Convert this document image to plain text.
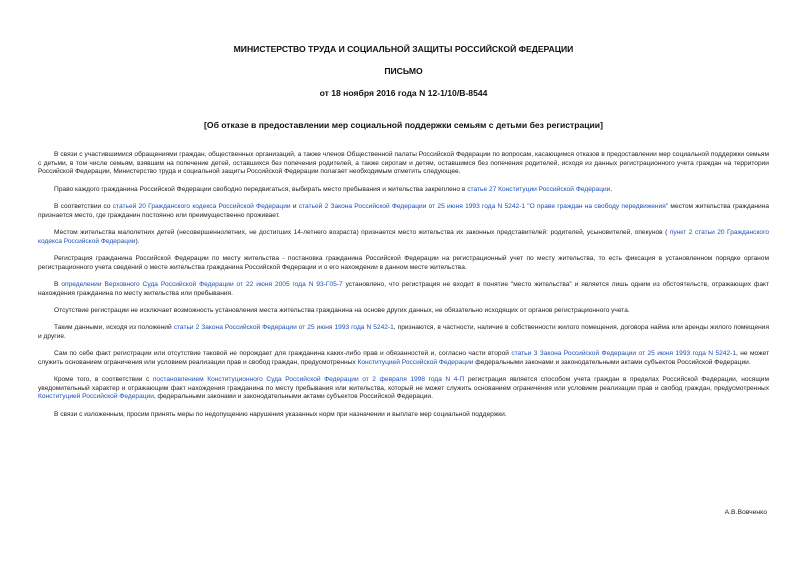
МИНИСТЕРСТВО ТРУДА И СОЦИАЛЬНОЙ ЗАЩИТЫ РОССИЙСКОЙ ФЕДЕРАЦИИ
ПИСЬМО
от 18 ноября 2016 года N 12-1/10/В-8544
[Об отказе в предоставлении мер социальной поддержки семьям с детьми без регистрации]

В связи с участившимися обращениями граждан, общественных организаций, а также членов Общественной палаты Российской Федерации по вопросам, касающимся отказов в предоставлении мер социальной поддержки семьям с детьми, в том числе семьям, взявшим на попечение детей, оставшихся без попечения родителей, а также сиротам и детям, оставшимся без попечения родителей, исходя из данных регистрационного учета граждан на территории Российской Федерации, Министерство труда и социальной защиты Российской Федерации полагает необходимым отметить следующее.

Право каждого гражданина Российской Федерации свободно передвигаться, выбирать место пребывания и жительства закреплено в статье 27 Конституции Российской Федерации.

В соответствии со статьей 20 Гражданского кодекса Российской Федерации и статьей 2 Закона Российской Федерации от 25 июня 1993 года N 5242-1 "О праве граждан на свободу передвижения" местом жительства гражданина признается место, где гражданин постоянно или преимущественно проживает.

Местом жительства малолетних детей (несовершеннолетних, не достигших 14-летнего возраста) признается место жительства их законных представителей: родителей, усыновителей, опекунов ( пункт 2 статьи 20 Гражданского кодекса Российской Федерации).

Регистрация гражданина Российской Федерации по месту жительства - постановка гражданина Российской Федерации на регистрационный учет по месту жительства, то есть фиксация в установленном порядке органом регистрационного учета сведений о месте жительства гражданина Российской Федерации и о его нахождении в данном месте жительства.

В определении Верховного Суда Российской Федерации от 22 июня 2005 года N 93-Г05-7 установлено, что регистрация не входит в понятие "место жительства" и является лишь одним из обстоятельств, отражающих факт нахождения гражданина по месту жительства или пребывания.

Отсутствие регистрации не исключает возможность установления места жительства гражданина на основе других данных, не обязательно исходящих от органов регистрационного учета.

Таким данными, исходя из положений статьи 2 Закона Российской Федерации от 25 июня 1993 года N 5242-1, признаются, в частности, наличие в собственности жилого помещения, договора найма или аренды жилого помещения и другие.

Сам по себе факт регистрации или отсутствие таковой не порождает для гражданина каких-либо прав и обязанностей и, согласно части второй статьи 3 Закона Российской Федерации от 25 июня 1993 года N 5242-1, не может служить основанием ограничения или условием реализации прав и свобод граждан, предусмотренных Конституцией Российской Федерации федеральными законами и законодательными актами субъектов Российской Федерации.

Кроме того, в соответствии с постановлением Конституционного Суда Российской Федерации от 2 февраля 1998 года N 4-П регистрация является способом учета граждан в пределах Российской Федерации, носящим уведомительный характер и отражающим факт нахождения гражданина по месту пребывания или жительства, который не может служить основанием ограничения или условием реализации прав и свобод граждан, предусмотренных Конституцией Российской Федерации, федеральными законами и законодательными актами субъектов Российской Федерации.

В связи с изложенным, просим принять меры по недопущению нарушения указанных норм при назначении и выплате мер социальной поддержки.

А.В.Вовченко
